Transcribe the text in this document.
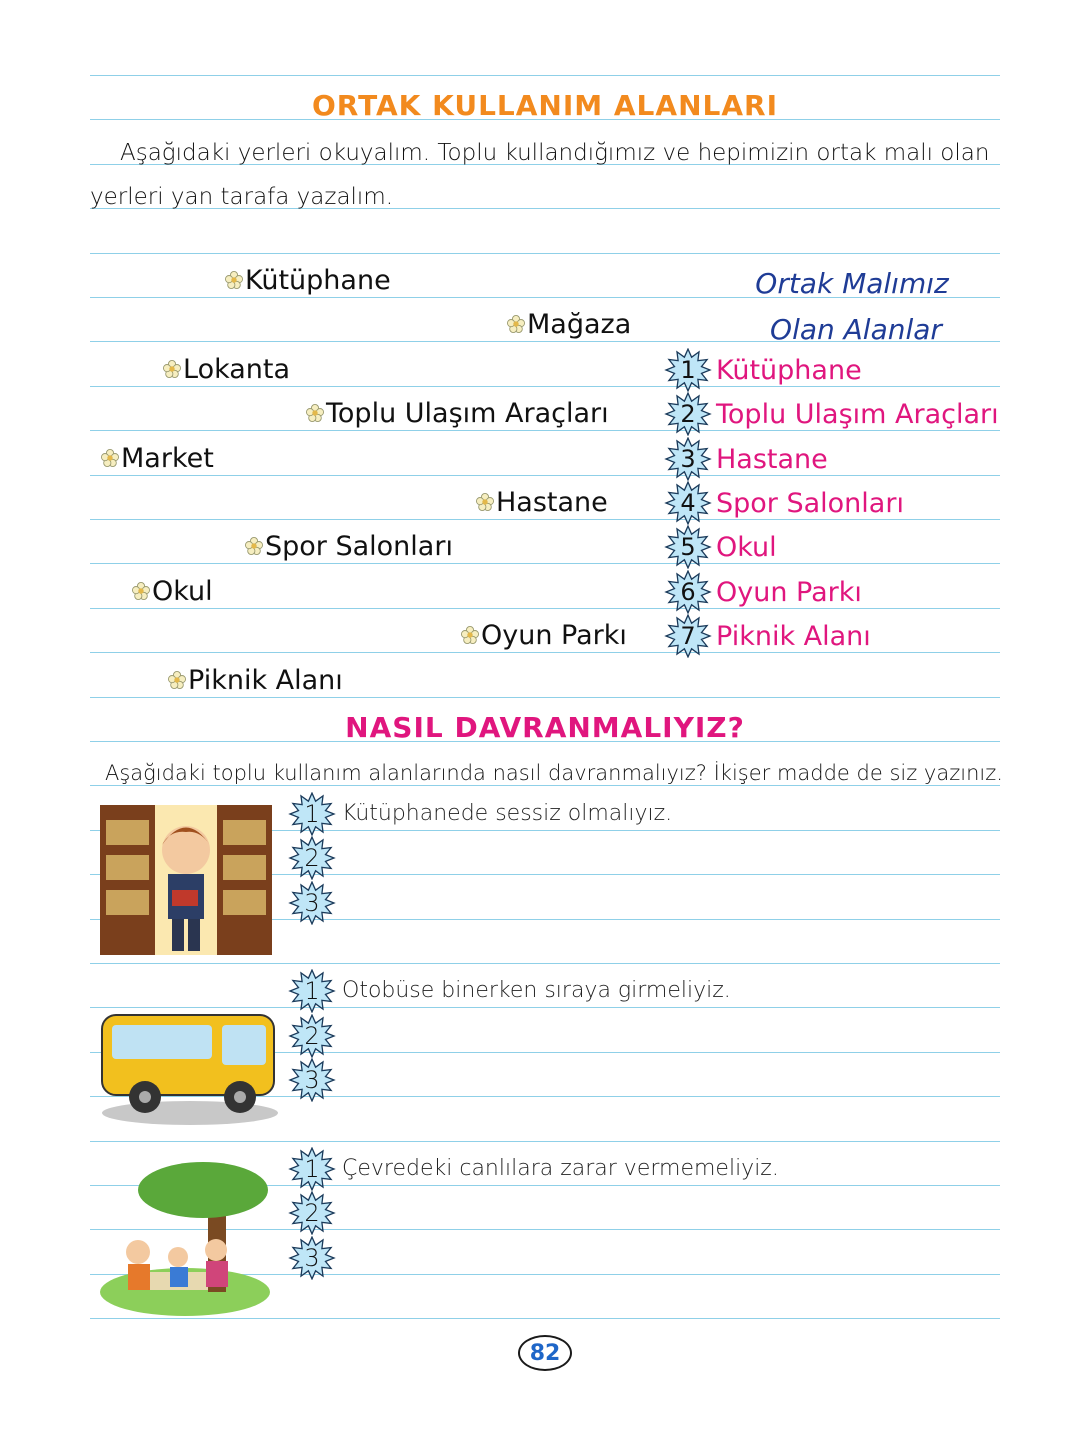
ORTAK KULLANIM ALANLARI
Aşağıdaki yerleri okuyalım. Toplu kullandığımız ve hepimizin ortak malı olan
yerleri yan tarafa yazalım.
Kütüphane
Mağaza
Lokanta
Toplu Ulaşım Araçları
Market
Hastane
Spor Salonları
Okul
Oyun Parkı
Piknik Alanı
Ortak Malımız
Olan Alanlar
1 Kütüphane
2 Toplu Ulaşım Araçları
3 Hastane
4 Spor Salonları
5 Okul
6 Oyun Parkı
7 Piknik Alanı
NASIL DAVRANMALIYIZ?
Aşağıdaki toplu kullanım alanlarında nasıl davranmalıyız? İkişer madde de siz yazınız.
1	Kütüphanede sessiz olmalıyız.
2
3
1	Otobüse binerken sıraya girmeliyiz.
2
3
1	Çevredeki canlılara zarar vermemeliyiz.
2
3
82
